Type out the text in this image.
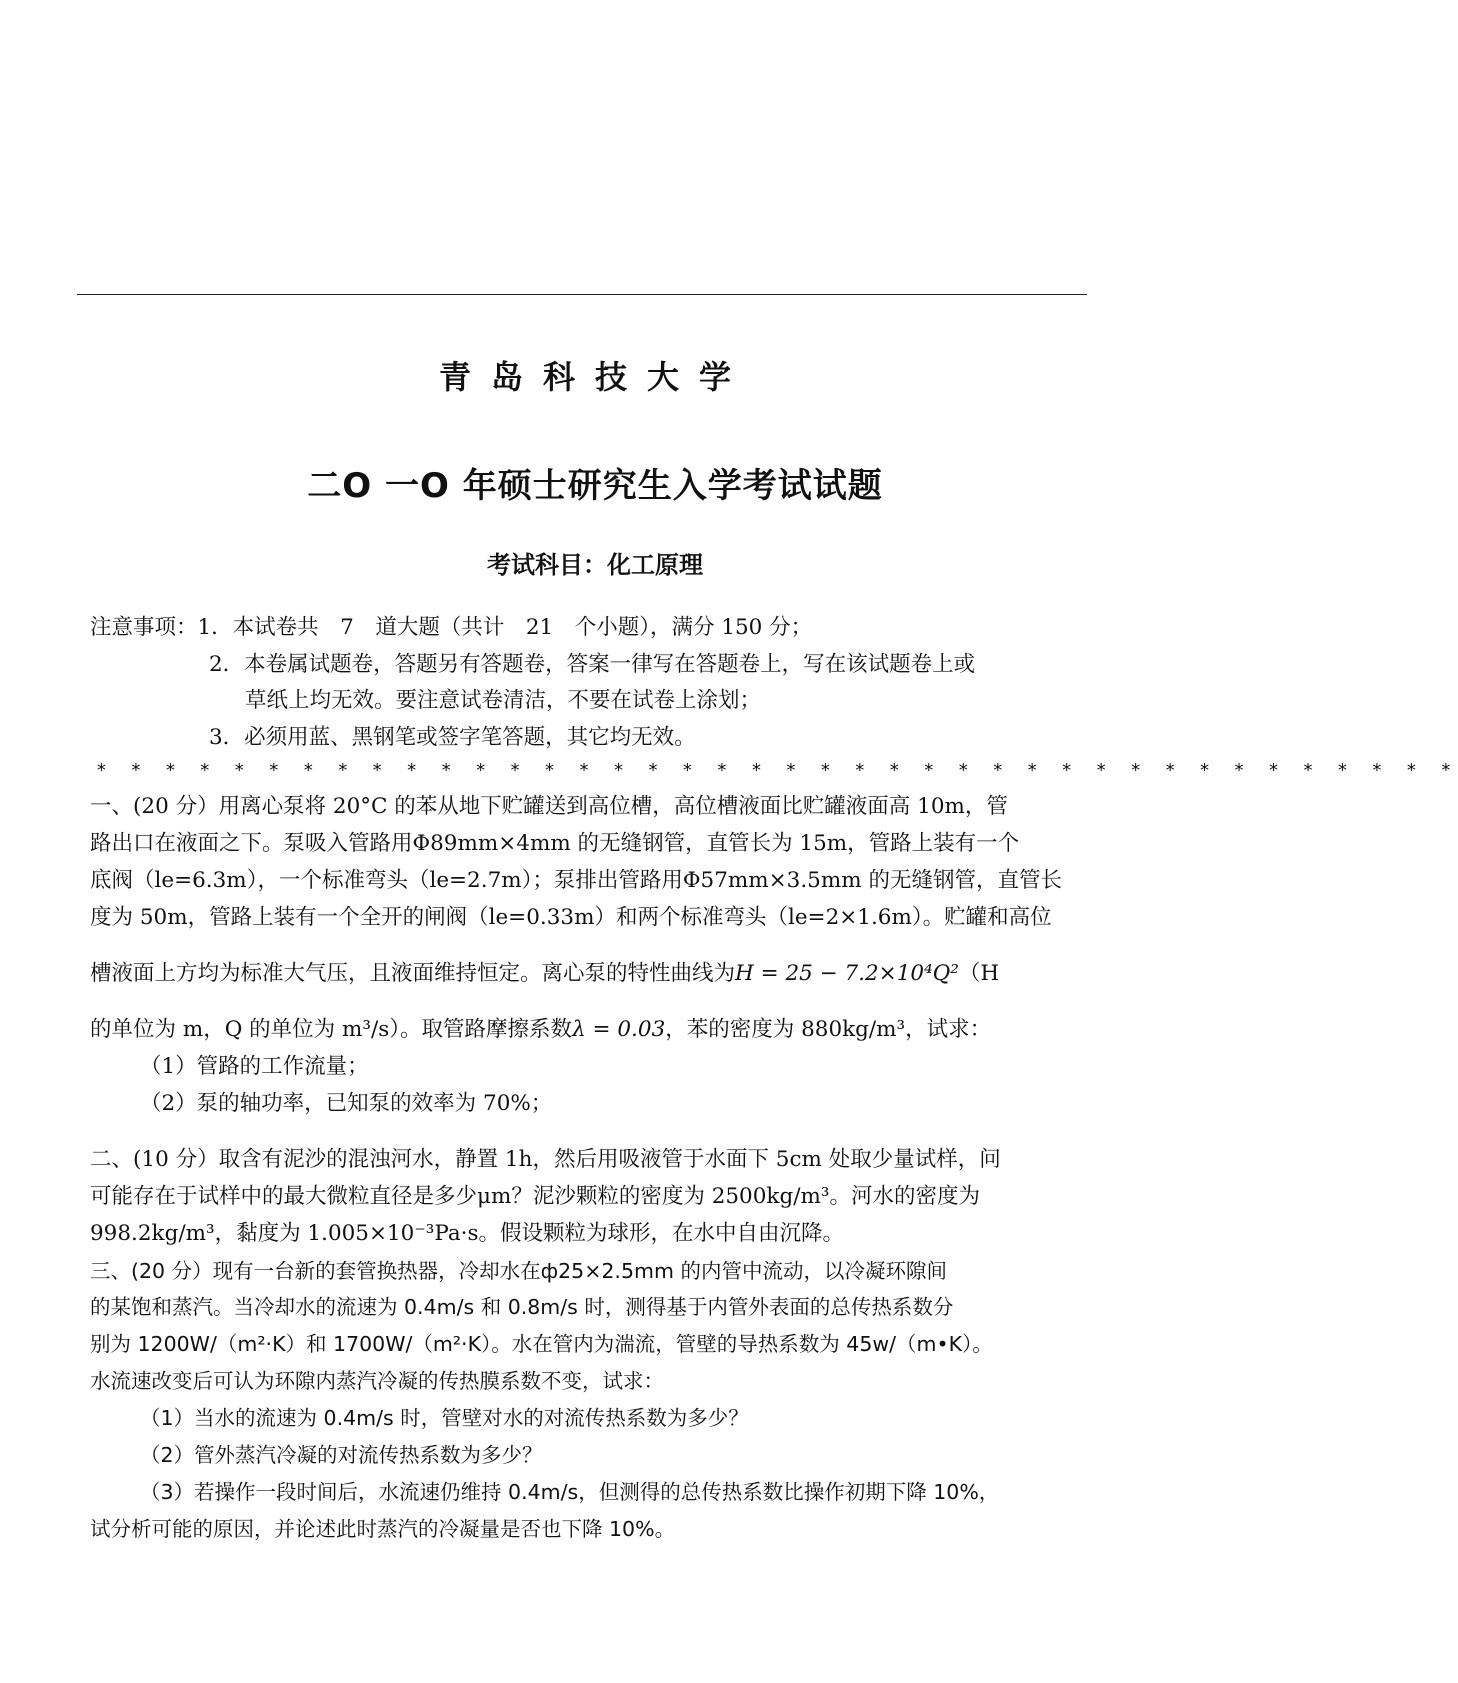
青岛科技大学
二O 一O 年硕士研究生入学考试试题
考试科目：化工原理
注意事项：1．本试卷共　7　道大题（共计　21　个小题），满分 150 分；
2．本卷属试题卷，答题另有答题卷，答案一律写在答题卷上，写在该试题卷上或
草纸上均无效。要注意试卷清洁，不要在试卷上涂划；
3．必须用蓝、黑钢笔或签字笔答题，其它均无效。
* * * * * * * * * * * * * * * * * * * * * * * * * * * * * * * * * * * * * * * *
一、(20 分）用离心泵将 20°C 的苯从地下贮罐送到高位槽，高位槽液面比贮罐液面高 10m，管
路出口在液面之下。泵吸入管路用Φ89mm×4mm 的无缝钢管，直管长为 15m，管路上装有一个
底阀（le=6.3m），一个标准弯头（le=2.7m）；泵排出管路用Φ57mm×3.5mm 的无缝钢管，直管长
度为 50m，管路上装有一个全开的闸阀（le=0.33m）和两个标准弯头（le=2×1.6m）。贮罐和高位
槽液面上方均为标准大气压，且液面维持恒定。离心泵的特性曲线为H = 25 − 7.2×10⁴Q²（H
的单位为 m，Q 的单位为 m³/s）。取管路摩擦系数λ = 0.03，苯的密度为 880kg/m³，试求：
（1）管路的工作流量；
（2）泵的轴功率，已知泵的效率为 70%；
二、(10 分）取含有泥沙的混浊河水，静置 1h，然后用吸液管于水面下 5cm 处取少量试样，问
可能存在于试样中的最大微粒直径是多少μm？泥沙颗粒的密度为 2500kg/m³。河水的密度为
998.2kg/m³，黏度为 1.005×10⁻³Pa·s。假设颗粒为球形，在水中自由沉降。
三、(20 分）现有一台新的套管换热器，冷却水在ф25×2.5mm 的内管中流动，以冷凝环隙间
的某饱和蒸汽。当冷却水的流速为 0.4m/s 和 0.8m/s 时，测得基于内管外表面的总传热系数分
别为 1200W/（m²·K）和 1700W/（m²·K）。水在管内为湍流，管壁的导热系数为 45w/（m•K）。
水流速改变后可认为环隙内蒸汽冷凝的传热膜系数不变，试求：
（1）当水的流速为 0.4m/s 时，管壁对水的对流传热系数为多少？
（2）管外蒸汽冷凝的对流传热系数为多少？
（3）若操作一段时间后，水流速仍维持 0.4m/s，但测得的总传热系数比操作初期下降 10%，
试分析可能的原因，并论述此时蒸汽的冷凝量是否也下降 10%。
